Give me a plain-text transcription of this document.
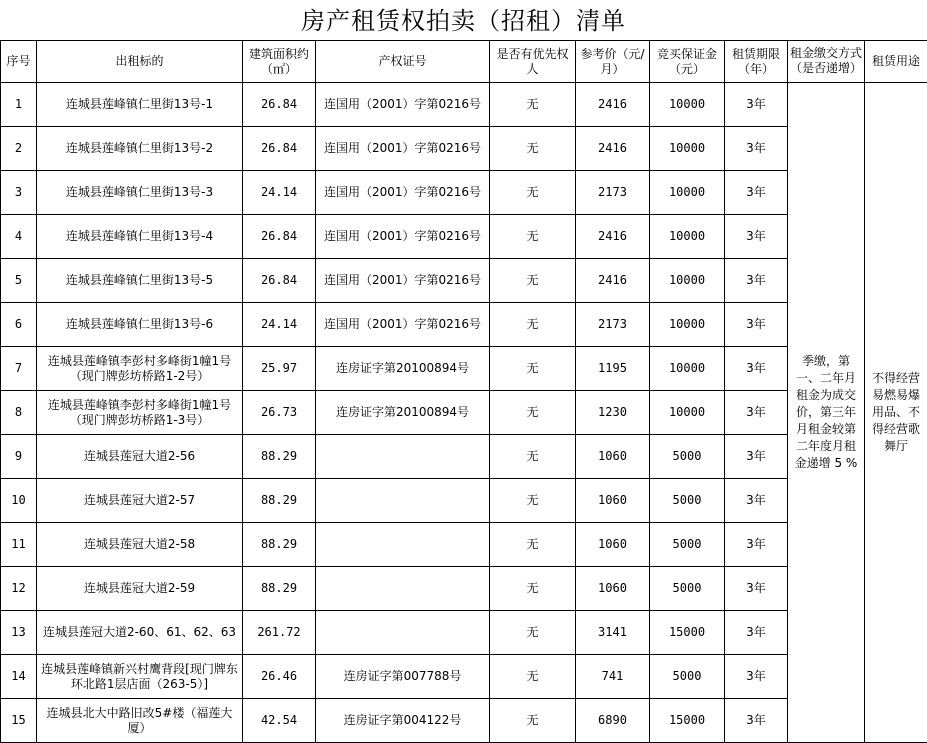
房产租赁权拍卖（招租）清单
序号	出租标的	建筑面积约（㎡）	产权证号	是否有优先权人	参考价（元/月）	竞买保证金（元）	租赁期限（年）	租金缴交方式（是否递增）	租赁用途
1	连城县莲峰镇仁里街13号-1	26.84	连国用（2001）字第0216号	无	2416	10000	3年	季缴，第一、二年月租金为成交价，第三年月租金较第二年度月租金递增 5 %	不得经营易燃易爆用品、不得经营歌舞厅
2	连城县莲峰镇仁里街13号-2	26.84	连国用（2001）字第0216号	无	2416	10000	3年		
3	连城县莲峰镇仁里街13号-3	24.14	连国用（2001）字第0216号	无	2173	10000	3年		
4	连城县莲峰镇仁里街13号-4	26.84	连国用（2001）字第0216号	无	2416	10000	3年		
5	连城县莲峰镇仁里街13号-5	26.84	连国用（2001）字第0216号	无	2416	10000	3年		
6	连城县莲峰镇仁里街13号-6	24.14	连国用（2001）字第0216号	无	2173	10000	3年		
7	连城县莲峰镇李彭村多峰街1幢1号（现门牌彭坊桥路1-2号）	25.97	连房证字第20100894号	无	1195	10000	3年		
8	连城县莲峰镇李彭村多峰街1幢1号（现门牌彭坊桥路1-3号）	26.73	连房证字第20100894号	无	1230	10000	3年		
9	连城县莲冠大道2-56	88.29		无	1060	5000	3年		
10	连城县莲冠大道2-57	88.29		无	1060	5000	3年		
11	连城县莲冠大道2-58	88.29		无	1060	5000	3年		
12	连城县莲冠大道2-59	88.29		无	1060	5000	3年		
13	连城县莲冠大道2-60、61、62、63	261.72		无	3141	15000	3年		
14	连城县莲峰镇新兴村鹰背段[现门牌东环北路1层店面（263-5）]	26.46	连房证字第007788号	无	741	5000	3年		
15	连城县北大中路旧改5#楼（福莲大厦）	42.54	连房证字第004122号	无	6890	15000	3年		
